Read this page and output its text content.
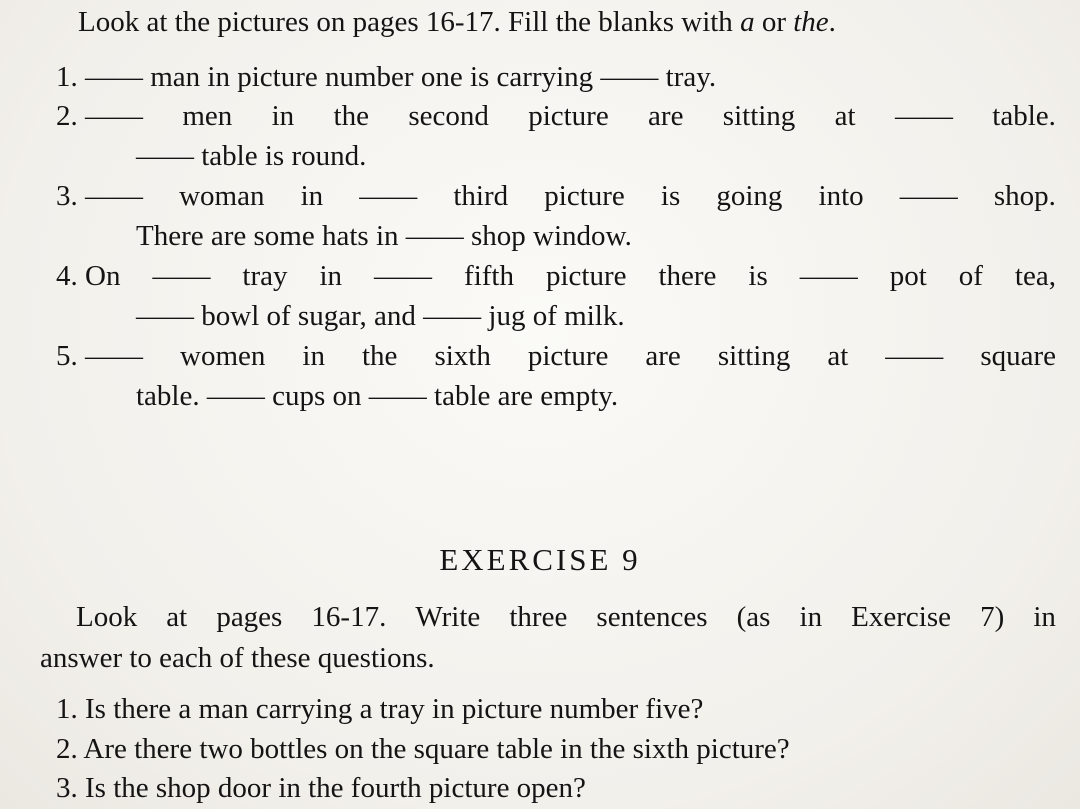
Look at the pictures on pages 16-17. Fill the blanks with a or the.
1. —— man in picture number one is carrying —— tray.
2. —— men in the second picture are sitting at —— table.
—— table is round.
3. —— woman in —— third picture is going into —— shop.
There are some hats in —— shop window.
4. On —— tray in —— fifth picture there is —— pot of tea,
—— bowl of sugar, and —— jug of milk.
5. —— women in the sixth picture are sitting at —— square
table. —— cups on —— table are empty.
EXERCISE 9
Look at pages 16-17. Write three sentences (as in Exercise 7) in
answer to each of these questions.
1. Is there a man carrying a tray in picture number five?
2. Are there two bottles on the square table in the sixth picture?
3. Is the shop door in the fourth picture open?
